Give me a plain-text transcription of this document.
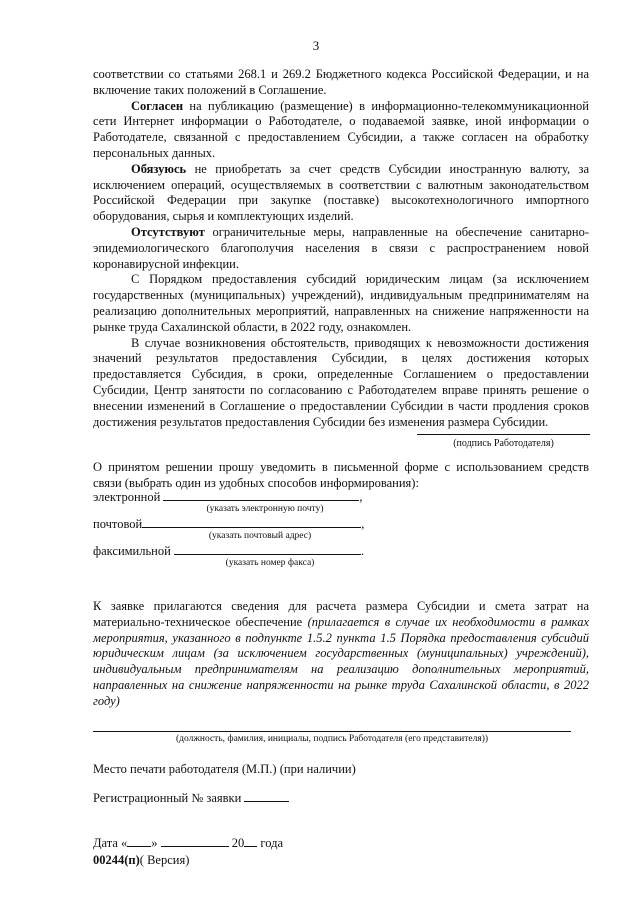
3

соответствии со статьями 268.1 и 269.2 Бюджетного кодекса Российской Федерации, и на включение таких положений в Соглашение.

Согласен на публикацию (размещение) в информационно-телекоммуникационной сети Интернет информации о Работодателе, о подаваемой заявке, иной информации о Работодателе, связанной с предоставлением Субсидии, а также согласен на обработку персональных данных.

Обязуюсь не приобретать за счет средств Субсидии иностранную валюту, за исключением операций, осуществляемых в соответствии с валютным законодательством Российской Федерации при закупке (поставке) высокотехнологичного импортного оборудования, сырья и комплектующих изделий.

Отсутствуют ограничительные меры, направленные на обеспечение санитарно-эпидемиологического благополучия населения в связи с распространением новой коронавирусной инфекции.

С Порядком предоставления субсидий юридическим лицам (за исключением государственных (муниципальных) учреждений), индивидуальным предпринимателям на реализацию дополнительных мероприятий, направленных на снижение напряженности на рынке труда Сахалинской области, в 2022 году, ознакомлен.

В случае возникновения обстоятельств, приводящих к невозможности достижения значений результатов предоставления Субсидии, в целях достижения которых предоставляется Субсидия, в сроки, определенные Соглашением о предоставлении Субсидии, Центр занятости по согласованию с Работодателем вправе принять решение о внесении изменений в Соглашение о предоставлении Субсидии в части продления сроков достижения результатов предоставления Субсидии без изменения размера Субсидии.

(подпись Работодателя)
О принятом решении прошу уведомить в письменной форме с использованием средств связи (выбрать один из удобных способов информирования):
электронной	,
(указать электронную почту)
почтовой	,
(указать почтовый адрес)
факсимильной	.
(указать номер факса)
К заявке прилагаются сведения для расчета размера Субсидии и смета затрат на материально-техническое обеспечение (прилагается в случае их необходимости в рамках мероприятия, указанного в подпункте 1.5.2 пункта 1.5 Порядка предоставления субсидий юридическим лицам (за исключением государственных (муниципальных) учреждений), индивидуальным предпринимателям на реализацию дополнительных мероприятий, направленных на снижение напряженности на рынке труда Сахалинской области, в 2022 году)
(должность, фамилия, инициалы, подпись Работодателя (его представителя))
Место печати работодателя (М.П.) (при наличии)
Регистрационный № заявки
Дата « »	20 года
00244(п)( Версия)
